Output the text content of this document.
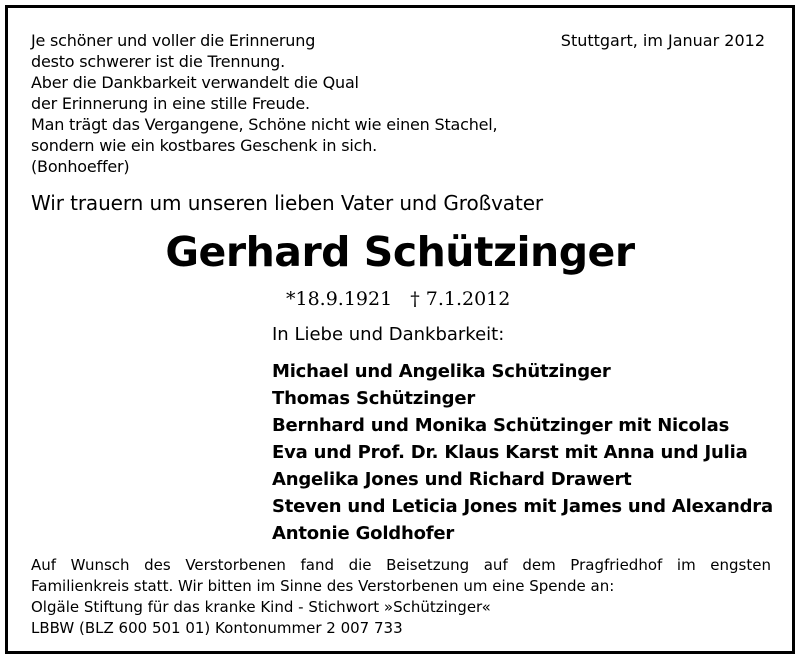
Je schöner und voller die Erinnerung
desto schwerer ist die Trennung.
Aber die Dankbarkeit verwandelt die Qual
der Erinnerung in eine stille Freude.
Man trägt das Vergangene, Schöne nicht wie einen Stachel,
sondern wie ein kostbares Geschenk in sich.
(Bonhoeffer)
Stuttgart, im Januar 2012
Wir trauern um unseren lieben Vater und Großvater
Gerhard Schützinger
*18.9.1921 † 7.1.2012
In Liebe und Dankbarkeit:
Michael und Angelika Schützinger
Thomas Schützinger
Bernhard und Monika Schützinger mit Nicolas
Eva und Prof. Dr. Klaus Karst mit Anna und Julia
Angelika Jones und Richard Drawert
Steven und Leticia Jones mit James und Alexandra
Antonie Goldhofer
Auf Wunsch des Verstorbenen fand die Beisetzung auf dem Pragfriedhof im engsten
Familienkreis statt. Wir bitten im Sinne des Verstorbenen um eine Spende an:
Olgäle Stiftung für das kranke Kind - Stichwort »Schützinger«
LBBW (BLZ 600 501 01) Kontonummer 2 007 733
